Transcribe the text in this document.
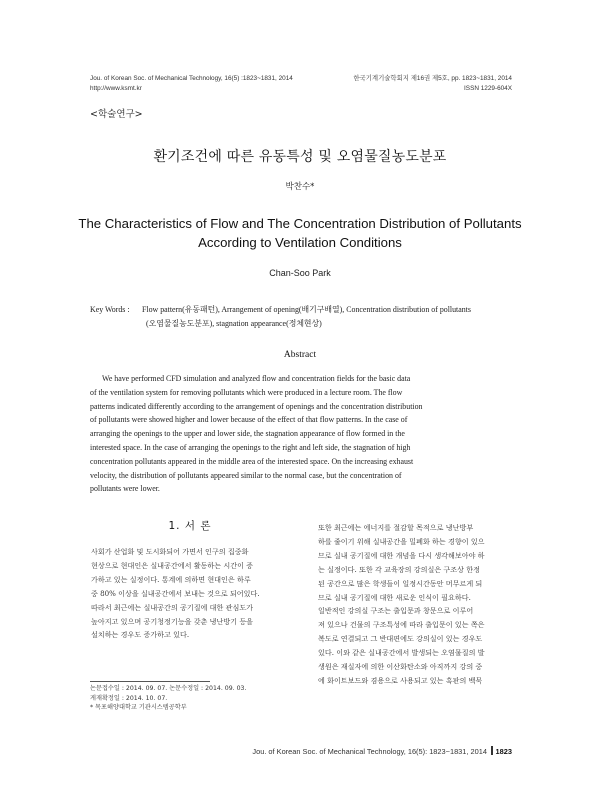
Jou. of Korean Soc. of Mechanical Technology, 16(5) :1823~1831, 2014
http://www.ksmt.kr
한국기계기술학회지 제16권 제5호, pp. 1823~1831, 2014
ISSN 1229-604X
<학술연구>
환기조건에 따른 유동특성 및 오염물질농도분포
박찬수*
The Characteristics of Flow and The Concentration Distribution of Pollutants
According to Ventilation Conditions
Chan-Soo Park
Key Words : Flow pattern(유동패턴), Arrangement of opening(배기구배열), Concentration distribution of pollutants
(오염물질농도분포), stagnation appearance(정체현상)
Abstract
We have performed CFD simulation and analyzed flow and concentration fields for the basic data
of the ventilation system for removing pollutants which were produced in a lecture room. The flow
patterns indicated differently according to the arrangement of openings and the concentration distribution
of pollutants were showed higher and lower because of the effect of that flow patterns. In the case of
arranging the openings to the upper and lower side, the stagnation appearance of flow formed in the
interested space. In the case of arranging the openings to the right and left side, the stagnation of high
concentration pollutants appeared in the middle area of the interested space. On the increasing exhaust
velocity, the distribution of pollutants appeared similar to the normal case, but the concentration of
pollutants were lower.
1. 서 론
사회가 산업화 및 도시화되어 가면서 인구의 집중화
현상으로 현대인은 실내공간에서 활동하는 시간이 증
가하고 있는 실정이다. 통계에 의하면 현대인은 하루
중 80% 이상을 실내공간에서 보내는 것으로 되어있다.
따라서 최근에는 실내공간의 공기질에 대한 관심도가
높아지고 있으며 공기청정기능을 갖춘 냉난방기 등을
설치하는 경우도 증가하고 있다.
또한 최근에는 에너지를 절감할 목적으로 냉난방부
하를 줄이기 위해 실내공간을 밀폐화 하는 경향이 있으
므로 실내 공기질에 대한 개념을 다시 생각해보아야 하
는 실정이다. 또한 각 교육장의 강의실은 구조상 한정
된 공간으로 많은 학생들이 일정시간동안 머무르게 되
므로 실내 공기질에 대한 새로운 인식이 필요하다.
일반적인 강의실 구조는 출입문과 창문으로 이루어
져 있으나 건물의 구조특성에 따라 출입문이 있는 쪽은
복도로 연결되고 그 반대편에도 강의실이 있는 경우도
있다. 이와 같은 실내공간에서 발생되는 오염물질의 발
생원은 재실자에 의한 이산화탄소와 아직까지 강의 중
에 화이트보드와 겸용으로 사용되고 있는 흑판의 백묵
논문접수일 : 2014. 09. 07. 논문수정일 : 2014. 09. 03.
게재확정일 : 2014. 10. 07.
* 목포해양대학교 기관시스템공학부
Jou. of Korean Soc. of Mechanical Technology, 16(5): 1823~1831, 2014 1823
